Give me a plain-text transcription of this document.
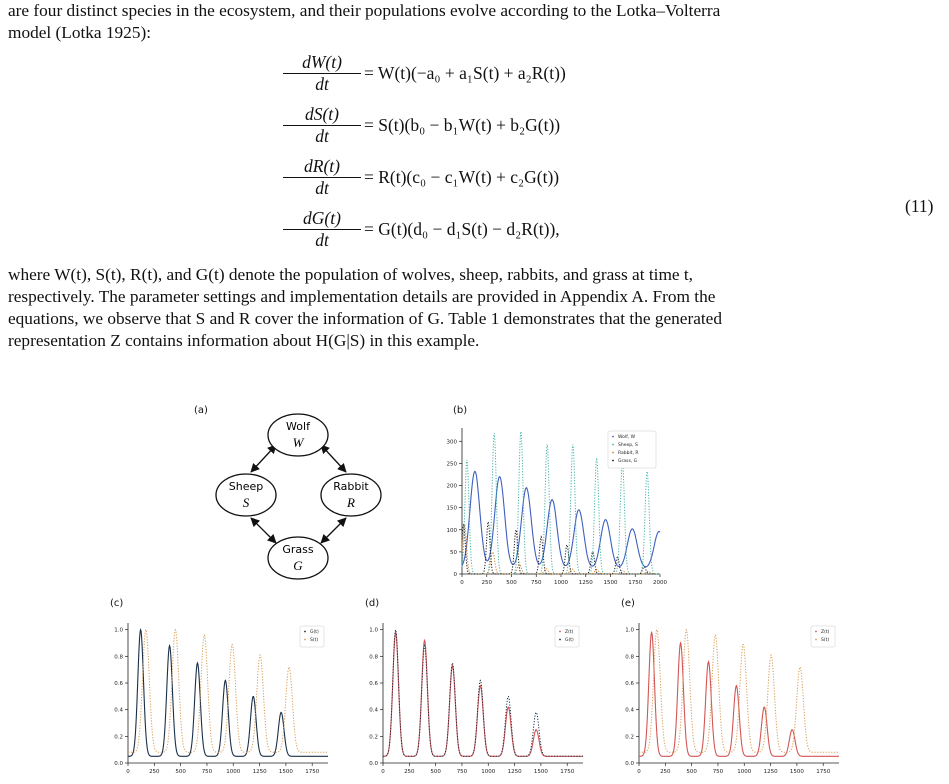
are four distinct species in the ecosystem, and their populations evolve according to the Lotka–Volterra
model (Lotka 1925):
$\frac{dW(t)}{dt} = W(t)(-a_0 + a_1S(t) + a_2R(t))$
$\frac{dS(t)}{dt} = S(t)(b_0 - b_1W(t) + b_2G(t))$
$\frac{dR(t)}{dt} = R(t)(c_0 - c_1W(t) + c_2G(t))$
$\frac{dG(t)}{dt} = G(t)(d_0 - d_1S(t) - d_2R(t))$,
(11)
where W(t), S(t), R(t), and G(t) denote the population of wolves, sheep, rabbits, and grass at time t,
respectively. The parameter settings and implementation details are provided in Appendix A. From the
equations, we observe that S and R cover the information of G. Table 1 demonstrates that the generated
representation Z contains information about H(G|S) in this example.
(a)
Wolf
W
Sheep
S
Rabbit
R
Grass
G
(b)
(c)	(d)	(e)
0
50
100
150
200
250
300
0	250	500	750 1000 1250 1500 1750 2000
Wolf, W
Sheep, S
Rabbit, R
Grass, G
0.0
0.2
0.4
0.6
0.8
1.0
0	250	500	750	1000 1250 1500 1750
G(t)
S(t)
0.0
0.2
0.4
0.6
0.8
1.0
0	250	500	750	1000 1250 1500 1750
Z(t)
G(t)
0.0
0.2
0.4
0.6
0.8
1.0
0	250	500	750	1000 1250 1500 1750
Z(t)
S(t)
